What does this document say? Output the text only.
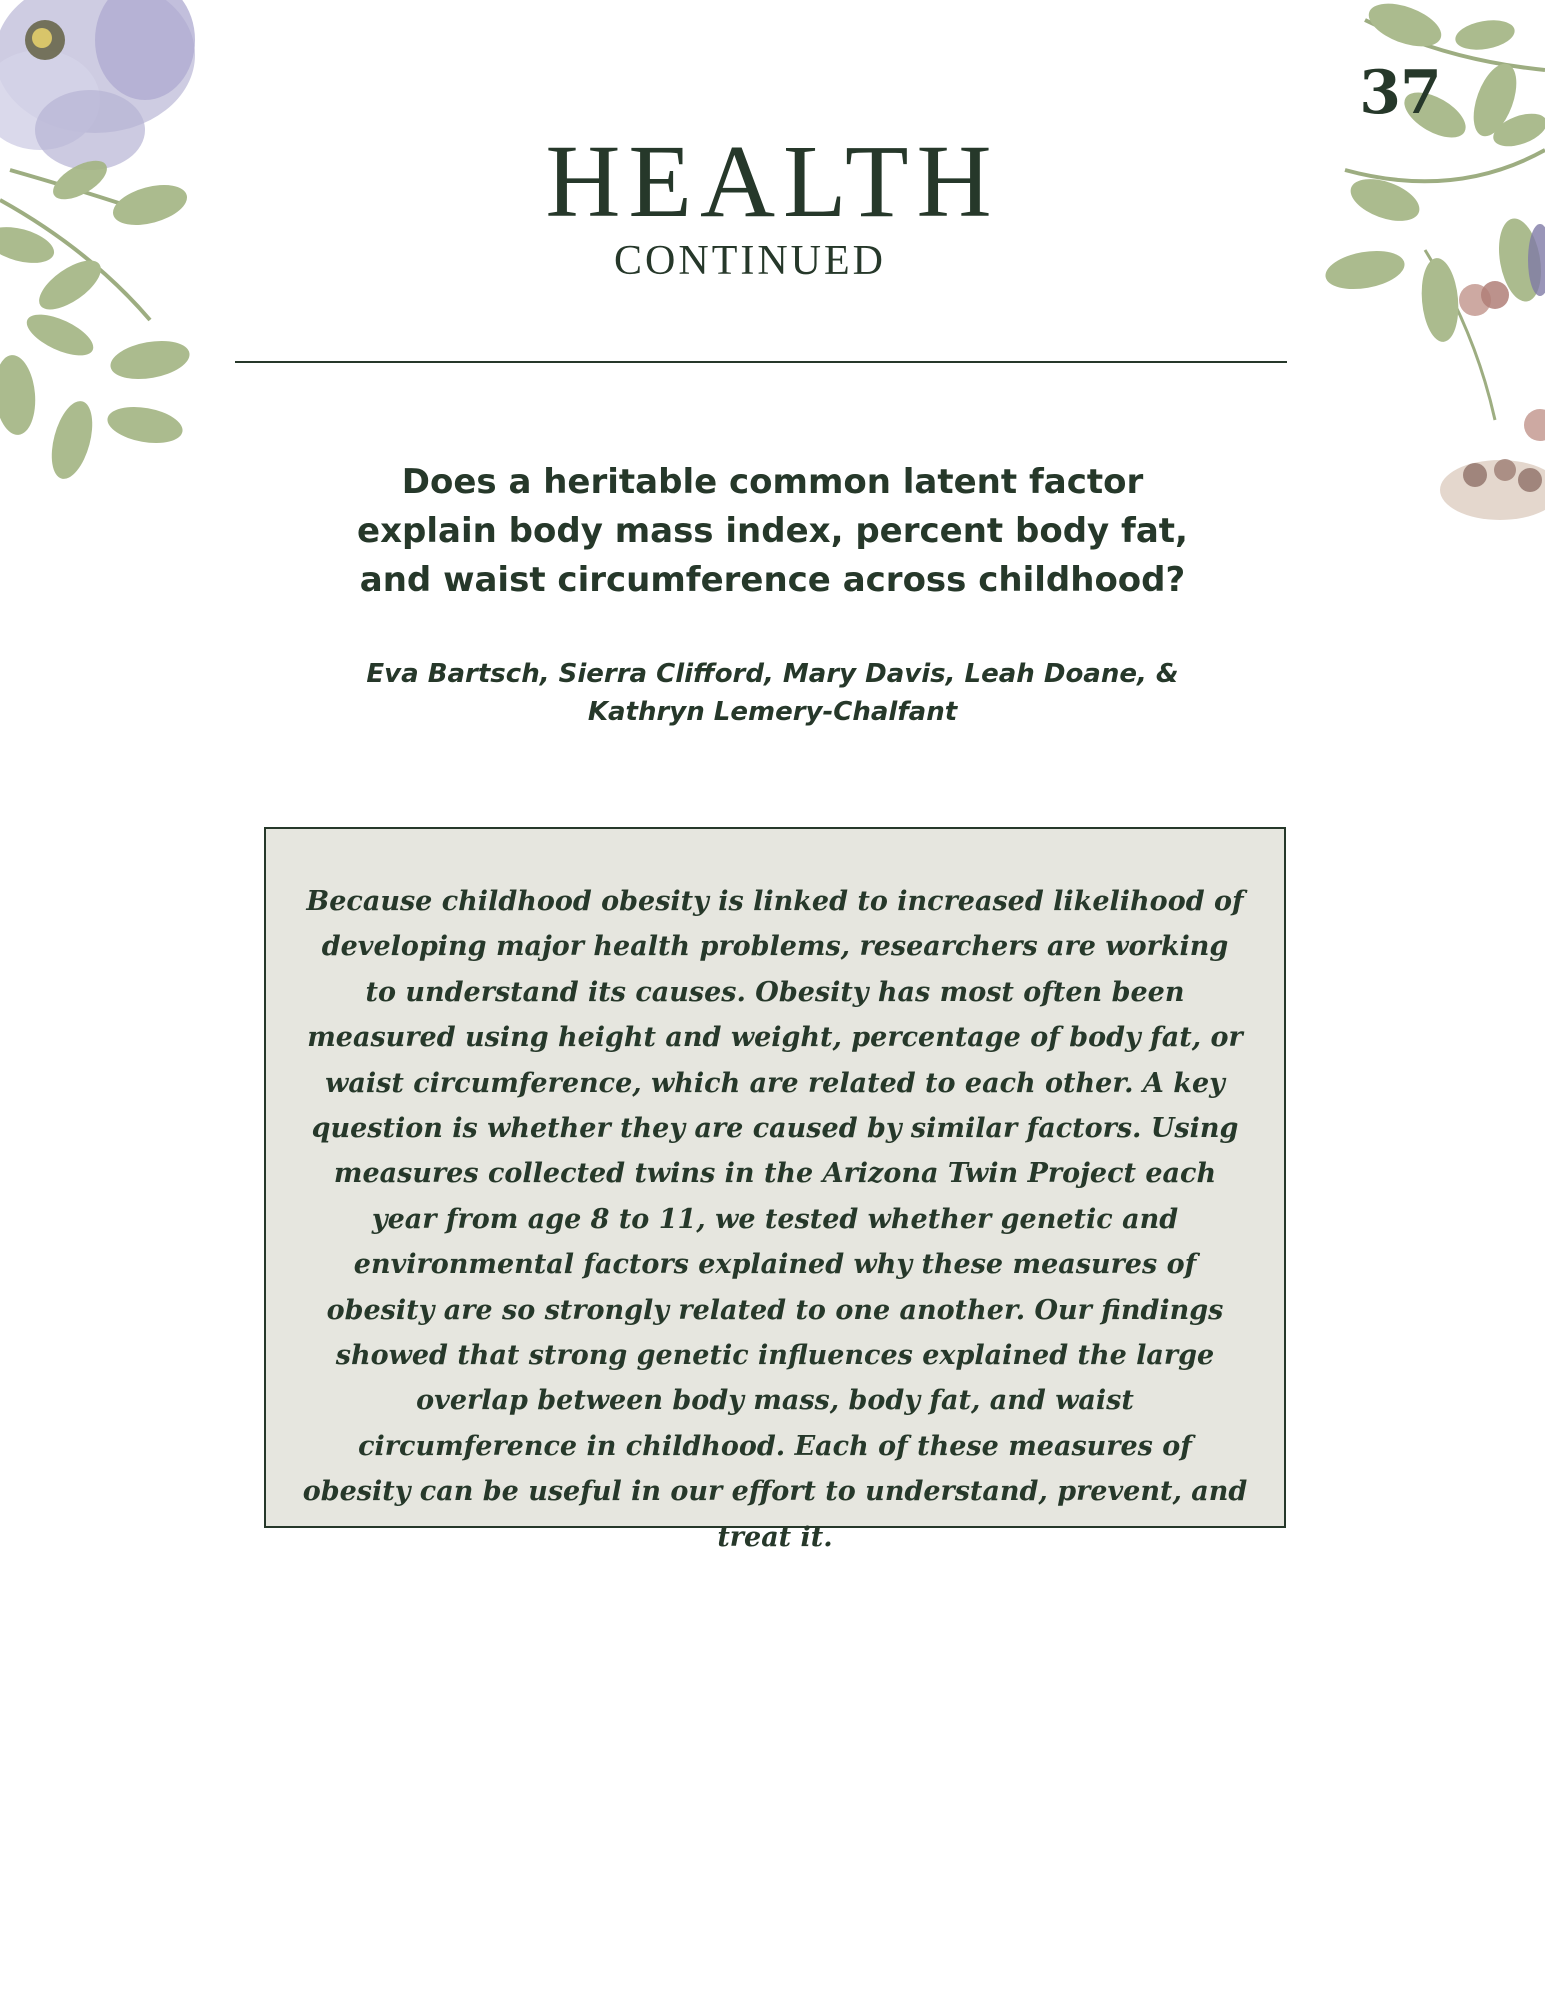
37
HEALTH
CONTINUED
Does a heritable common latent factor explain body mass index, percent body fat, and waist circumference across childhood?
Eva Bartsch, Sierra Clifford, Mary Davis, Leah Doane, & Kathryn Lemery-Chalfant

Because childhood obesity is linked to increased likelihood of developing major health problems, researchers are working to understand its causes. Obesity has most often been measured using height and weight, percentage of body fat, or waist circumference, which are related to each other. A key question is whether they are caused by similar factors. Using measures collected twins in the Arizona Twin Project each year from age 8 to 11, we tested whether genetic and environmental factors explained why these measures of obesity are so strongly related to one another. Our findings showed that strong genetic influences explained the large overlap between body mass, body fat, and waist circumference in childhood. Each of these measures of obesity can be useful in our effort to understand, prevent, and treat it.
